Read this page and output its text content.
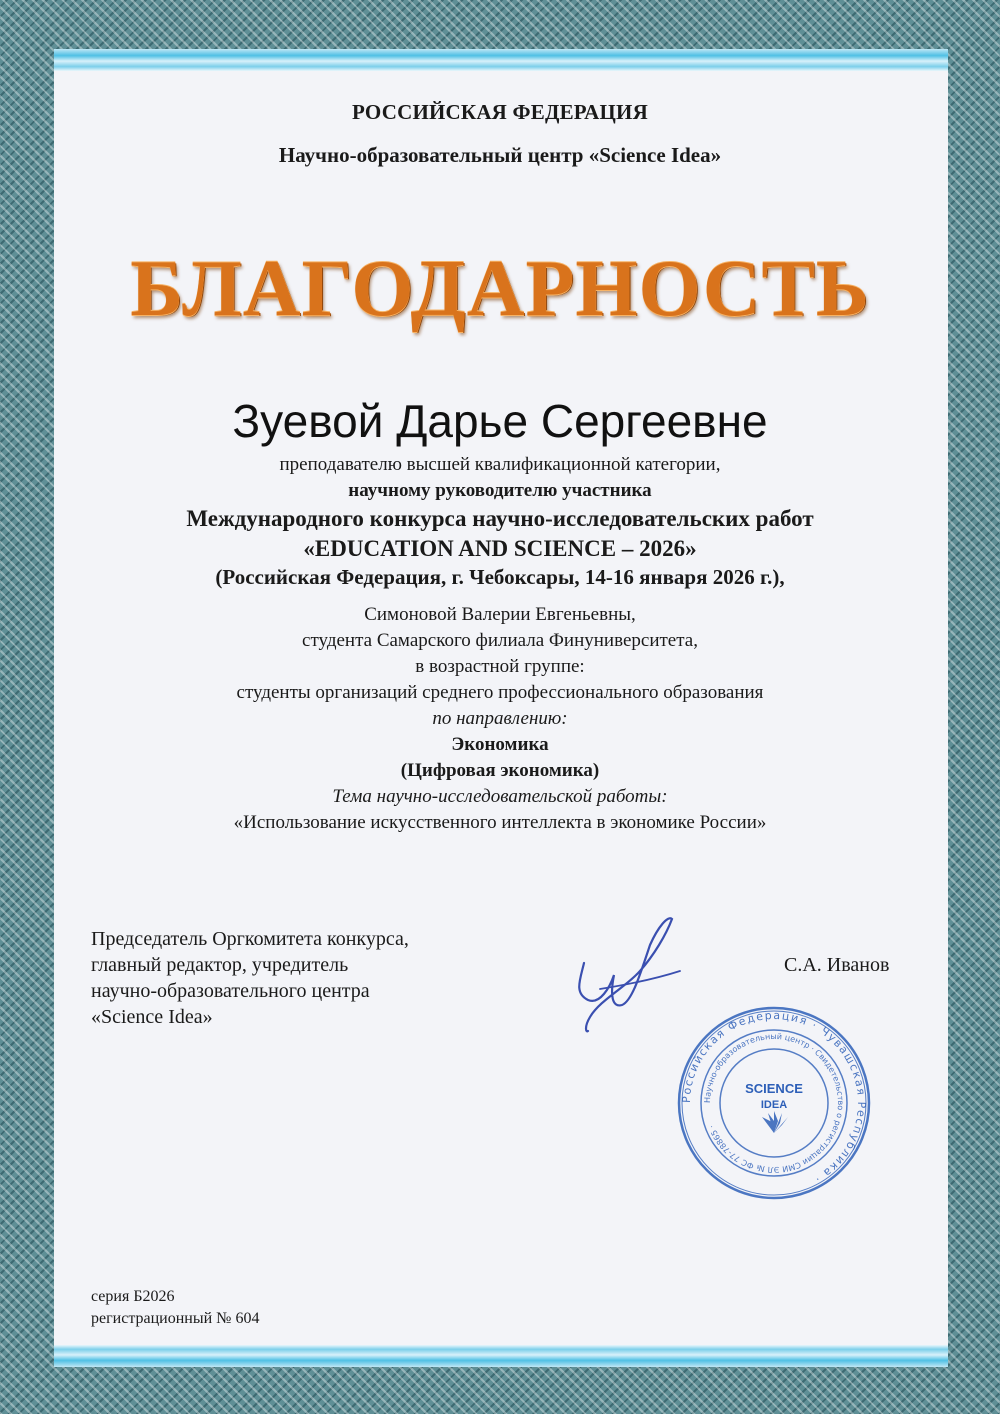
РОССИЙСКАЯ ФЕДЕРАЦИЯ
Научно-образовательный центр «Science Idea»
БЛАГОДАРНОСТЬ
Зуевой Дарье Сергеевне
преподавателю высшей квалификационной категории,
научному руководителю участника
Международного конкурса научно-исследовательских работ
«EDUCATION AND SCIENCE – 2026»
(Российская Федерация, г. Чебоксары, 14-16 января 2026 г.),
Симоновой Валерии Евгеньевны,
студента Самарского филиала Финуниверситета,
в возрастной группе:
студенты организаций среднего профессионального образования
по направлению:
Экономика
(Цифровая экономика)
Тема научно-исследовательской работы:
«Использование искусственного интеллекта в экономике России»
Председатель Оргкомитета конкурса,
главный редактор, учредитель
научно-образовательного центра
«Science Idea»
С.А. Иванов
Российская Федерация · Чувашская Республика ·
Научно-образовательный центр · Свидетельство о регистрации СМИ ЭЛ № ФС 77-78865 ·
SCIENCE
IDEA
серия Б2026
регистрационный № 604
